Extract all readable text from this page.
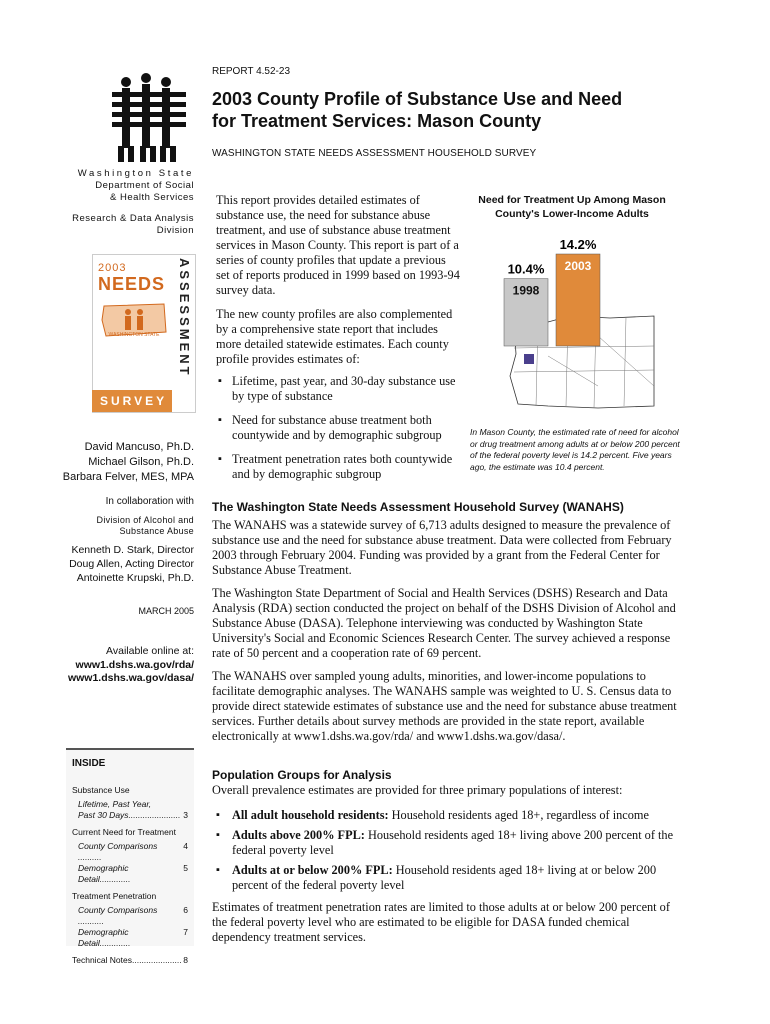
Washington State
Department of Social
& Health Services
Research & Data Analysis
Division
2003
NEEDS
WASHINGTON STATE	ASSESSMENT
SURVEY
David Mancuso, Ph.D.
Michael Gilson, Ph.D.
Barbara Felver, MES, MPA
In collaboration with
Division of Alcohol and
Substance Abuse
Kenneth D. Stark, Director
Doug Allen, Acting Director
Antoinette Krupski, Ph.D.
MARCH 2005
Available online at:
www1.dshs.wa.gov/rda/
www1.dshs.wa.gov/dasa/
INSIDE
Substance Use
Lifetime, Past Year,
3
Past 30 Days......................
Current Need for Treatment
4
County Comparisons ..........
5
Demographic Detail.............
Treatment Penetration
6
County Comparisons ...........
7
Demographic Detail.............
8
Technical Notes.....................
REPORT 4.52-23
2003 County Profile of Substance Use and Need
for Treatment Services: Mason County
WASHINGTON STATE NEEDS ASSESSMENT HOUSEHOLD SURVEY

This report provides detailed estimates of substance use, the need for substance abuse treatment, and use of substance abuse treatment services in Mason County. This report is part of a series of county profiles that update a previous set of reports produced in 1999 based on 1993-94 survey data.

The new county profiles are also complemented by a comprehensive state report that includes more detailed statewide estimates. Each county profile provides estimates of:

▪ Lifetime, past year, and 30-day substance use by type of substance
▪ Need for substance abuse treatment both countywide and by demographic subgroup
▪ Treatment penetration rates both countywide and by demographic subgroup
Need for Treatment Up Among Mason County's Lower-Income Adults
10.4%
1998
14.2%
2003
In Mason County, the estimated rate of need for alcohol or drug treatment among adults at or below 200 percent of the federal poverty level is 14.2 percent. Five years ago, the estimate was 10.4 percent.
The Washington State Needs Assessment Household Survey (WANAHS)

The WANAHS was a statewide survey of 6,713 adults designed to measure the prevalence of substance use and the need for substance abuse treatment. Data were collected from February 2003 through February 2004. Funding was provided by a grant from the Federal Center for Substance Abuse Treatment.

The Washington State Department of Social and Health Services (DSHS) Research and Data Analysis (RDA) section conducted the project on behalf of the DSHS Division of Alcohol and Substance Abuse (DASA). Telephone interviewing was conducted by Washington State University's Social and Economic Sciences Research Center. The survey achieved a response rate of 50 percent and a cooperation rate of 69 percent.

The WANAHS over sampled young adults, minorities, and lower-income populations to facilitate demographic analyses. The WANAHS sample was weighted to U. S. Census data to provide direct statewide estimates of substance use and the need for substance abuse treatment services. Further details about survey methods are provided in the state report, available electronically at www1.dshs.wa.gov/rda/ and www1.dshs.wa.gov/dasa/.

Population Groups for Analysis

Overall prevalence estimates are provided for three primary populations of interest:

▪ All adult household residents: Household residents aged 18+, regardless of income
▪ Adults above 200% FPL: Household residents aged 18+ living above 200 percent of the federal poverty level
▪ Adults at or below 200% FPL: Household residents aged 18+ living at or below 200 percent of the federal poverty level

Estimates of treatment penetration rates are limited to those adults at or below 200 percent of the federal poverty level who are estimated to be eligible for DASA funded chemical dependency treatment services.
